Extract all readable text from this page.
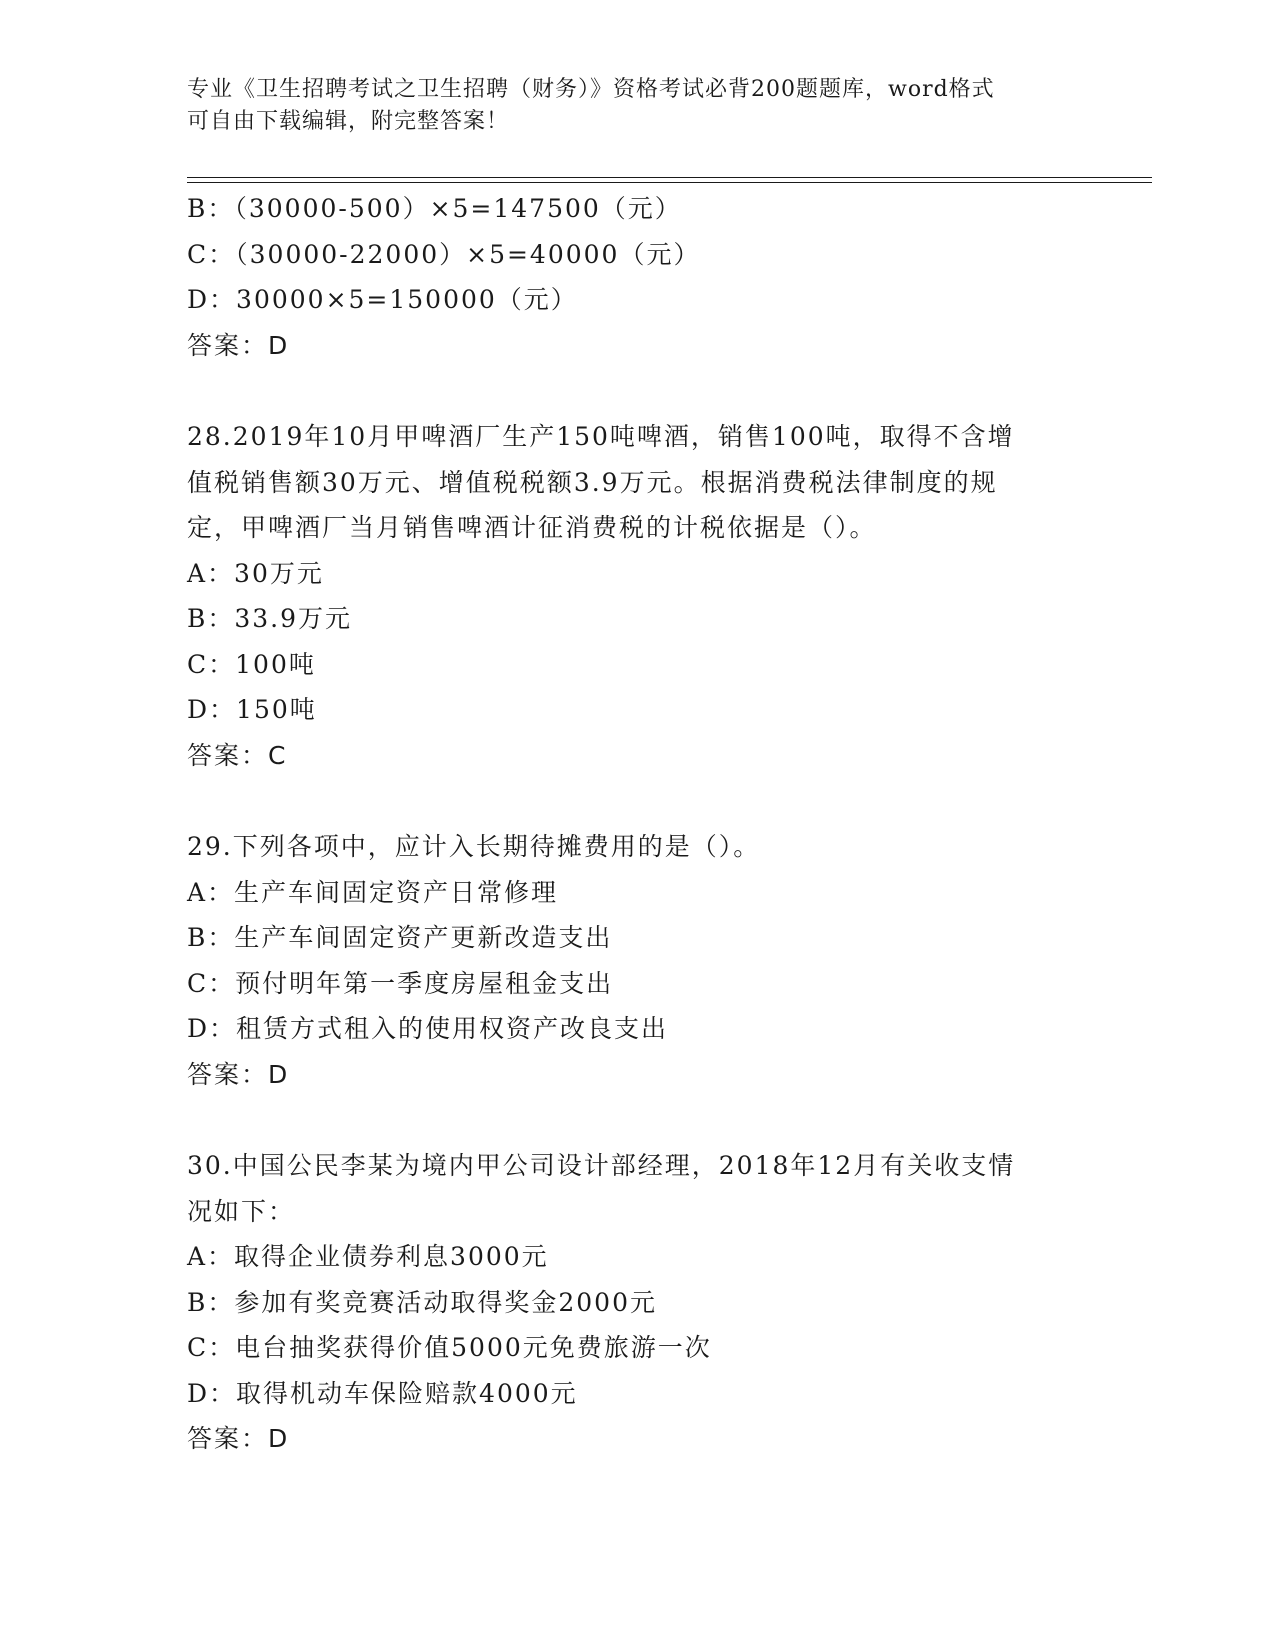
专业《卫生招聘考试之卫生招聘（财务）》资格考试必背200题题库，word格式
可自由下载编辑，附完整答案！
B：（30000-500）×5=147500（元）
C：（30000-22000）×5=40000（元）
D：30000×5=150000（元）
答案：D
28.2019年10月甲啤酒厂生产150吨啤酒，销售100吨，取得不含增
值税销售额30万元、增值税税额3.9万元。根据消费税法律制度的规
定，甲啤酒厂当月销售啤酒计征消费税的计税依据是（）。
A：30万元
B：33.9万元
C：100吨
D：150吨
答案：C
29.下列各项中，应计入长期待摊费用的是（）。
A：生产车间固定资产日常修理
B：生产车间固定资产更新改造支出
C：预付明年第一季度房屋租金支出
D：租赁方式租入的使用权资产改良支出
答案：D
30.中国公民李某为境内甲公司设计部经理，2018年12月有关收支情
况如下：
A：取得企业债券利息3000元
B：参加有奖竞赛活动取得奖金2000元
C：电台抽奖获得价值5000元免费旅游一次
D：取得机动车保险赔款4000元
答案：D
